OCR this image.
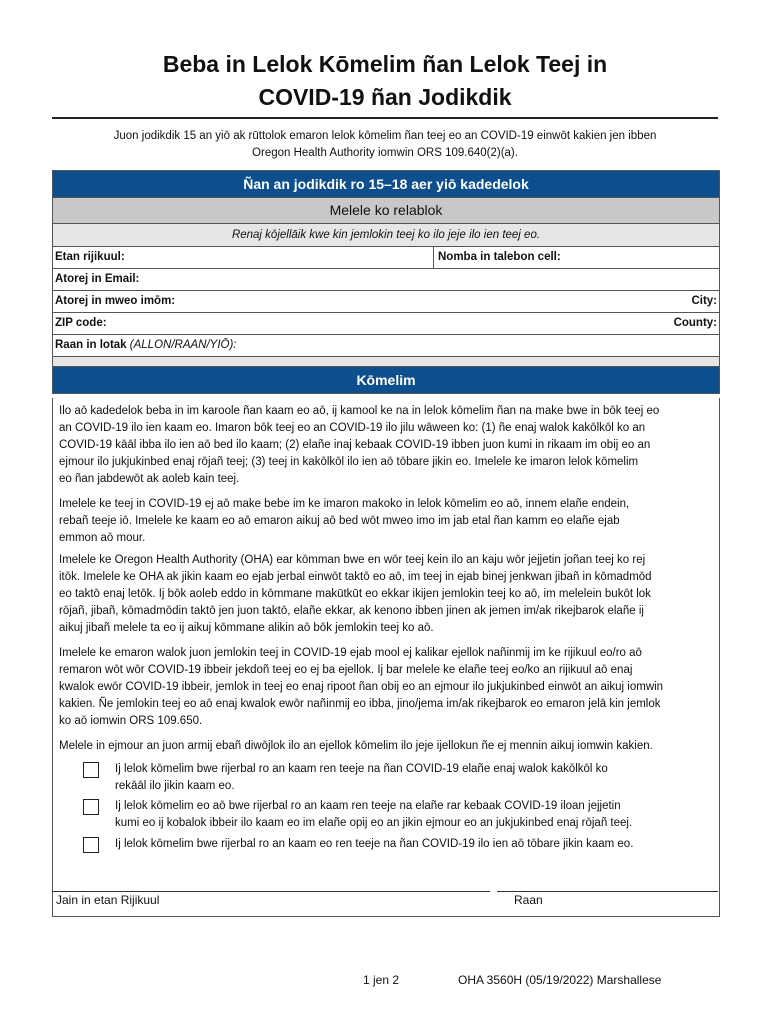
Beba in Lelok Kōmelim ñan Lelok Teej in
COVID-19 ñan Jodikdik
Juon jodikdik 15 an yiō ak rūttolok emaron lelok kōmelim ñan teej eo an COVID-19 einwōt kakien jen ibben
Oregon Health Authority iomwin ORS 109.640(2)(a).
Ñan an jodikdik ro 15–18 aer yiō kadedelok
Melele ko relablok
Renaj kōjellāik kwe kin jemlokin teej ko ilo jeje ilo ien teej eo.
Etan rijikuul:	Nomba in talebon cell:
Atorej in Email:
Atorej in mweo imōm:	City:
ZIP code:	County:
Raan in lotak (ALLON/RAAN/YIŌ):
Kōmelim
Ilo aō kadedelok beba in im karoole ñan kaam eo aō, ij kamool ke na in lelok kōmelim ñan na make bwe in bōk teej eo
an COVID-19 ilo ien kaam eo. Imaron bōk teej eo an COVID-19 ilo jilu wāween ko: (1) ñe enaj walok kakōlkōl ko an
COVID-19 kāāl ibba ilo ien aō bed ilo kaam; (2) elañe inaj kebaak COVID-19 ibben juon kumi in rikaam im obij eo an
ejmour ilo jukjukinbed enaj rōjañ teej; (3) teej in kakōlkōl ilo ien aō tōbare jikin eo. Imelele ke imaron lelok kōmelim
eo ñan jabdewōt ak aoleb kain teej.
Imelele ke teej in COVID-19 ej aō make bebe im ke imaron makoko in lelok kōmelim eo aō, innem elañe endein,
rebañ teeje iō. Imelele ke kaam eo aō emaron aikuj aō bed wōt mweo imo im jab etal ñan kamm eo elañe ejab
emmon aō mour.
Imelele ke Oregon Health Authority (OHA) ear kōmman bwe en wōr teej kein ilo an kaju wōr jejjetin joñan teej ko rej
itōk. Imelele ke OHA ak jikin kaam eo ejab jerbal einwōt taktō eo aō, im teej in ejab binej jenkwan jibañ in kōmadmōd
eo taktō enaj letōk. Ij bōk aoleb eddo in kōmmane makūtkūt eo ekkar ikijen jemlokin teej ko aō, im melelein bukōt lok
rōjañ, jibañ, kōmadmōdin taktō jen juon taktō, elañe ekkar, ak kenono ibben jinen ak jemen im/ak rikejbarok elañe ij
aikuj jibañ melele ta eo ij aikuj kōmmane alikin aō bōk jemlokin teej ko aō.
Imelele ke emaron walok juon jemlokin teej in COVID-19 ejab mool ej kalikar ejellok nañinmij im ke rijikuul eo/ro aō
remaron wōt wōr COVID-19 ibbeir jekdoñ teej eo ej ba ejellok. Ij bar melele ke elañe teej eo/ko an rijikuul aō enaj
kwalok ewōr COVID-19 ibbeir, jemlok in teej eo enaj ripoot ñan obij eo an ejmour ilo jukjukinbed einwōt an aikuj iomwin
kakien. Ñe jemlokin teej eo aō enaj kwalok ewōr nañinmij eo ibba, jino/jema im/ak rikejbarok eo emaron jelā kin jemlok
ko aō iomwin ORS 109.650.
Melele in ejmour an juon armij ebañ diwōjlok ilo an ejellok kōmelim ilo jeje ijellokun ñe ej mennin aikuj iomwin kakien.
Ij lelok kōmelim bwe rijerbal ro an kaam ren teeje na ñan COVID-19 elañe enaj walok kakōlkōl ko
rekāāl ilo jikin kaam eo.
Ij lelok kōmelim eo aō bwe rijerbal ro an kaam ren teeje na elañe rar kebaak COVID-19 iloan jejjetin
kumi eo ij kobalok ibbeir ilo kaam eo im elañe opij eo an jikin ejmour eo an jukjukinbed enaj rōjañ teej.
Ij lelok kōmelim bwe rijerbal ro an kaam eo ren teeje na ñan COVID-19 ilo ien aō tōbare jikin kaam eo.
Jain in etan Rijikuul	Raan
1 jen 2	OHA 3560H (05/19/2022) Marshallese
